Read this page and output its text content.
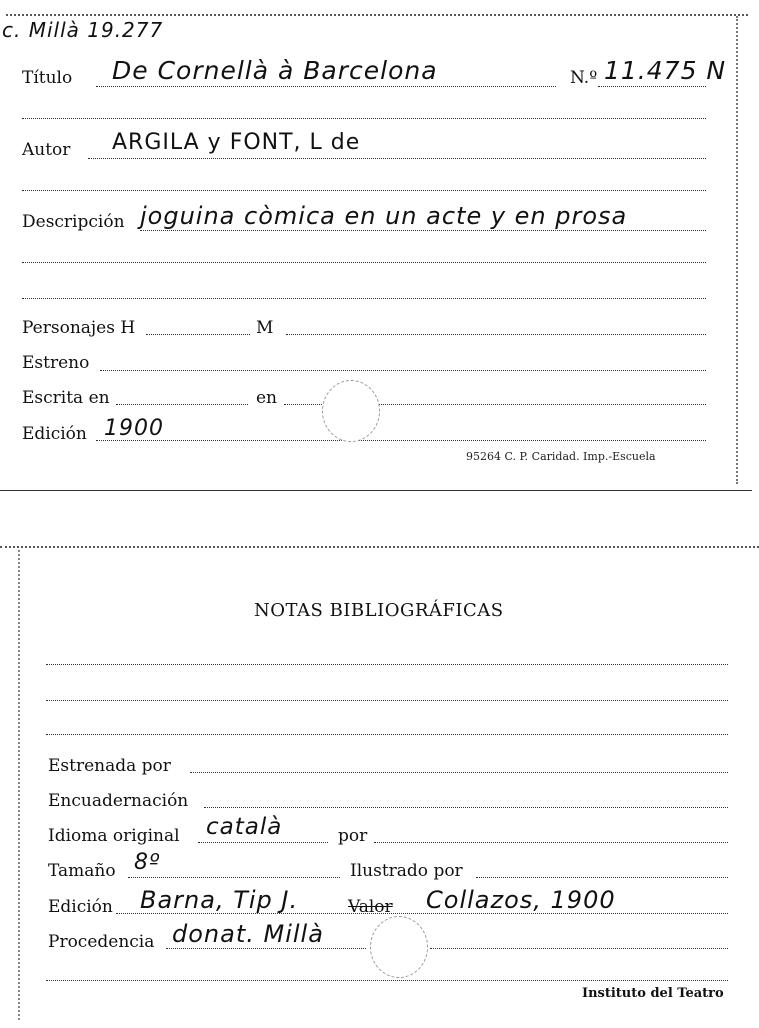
c. Millà 19.277
Título De Cornellà à Barcelona	N.º 11.475 N
Autor ARGILA y FONT, L de
Descripción joguina còmica en un acte y en prosa
Personajes H	M
Estreno
Escrita en	en
Edición 1900
95264 C. P. Caridad. Imp.-Escuela
NOTAS BIBLIOGRÁFICAS
Estrenada por
Encuadernación
Idioma original català	por
Tamaño 8º	Ilustrado por
Edición Barna, Tip J.	Valor Collazos, 1900
Procedencia donat. Millà
Instituto del Teatro
